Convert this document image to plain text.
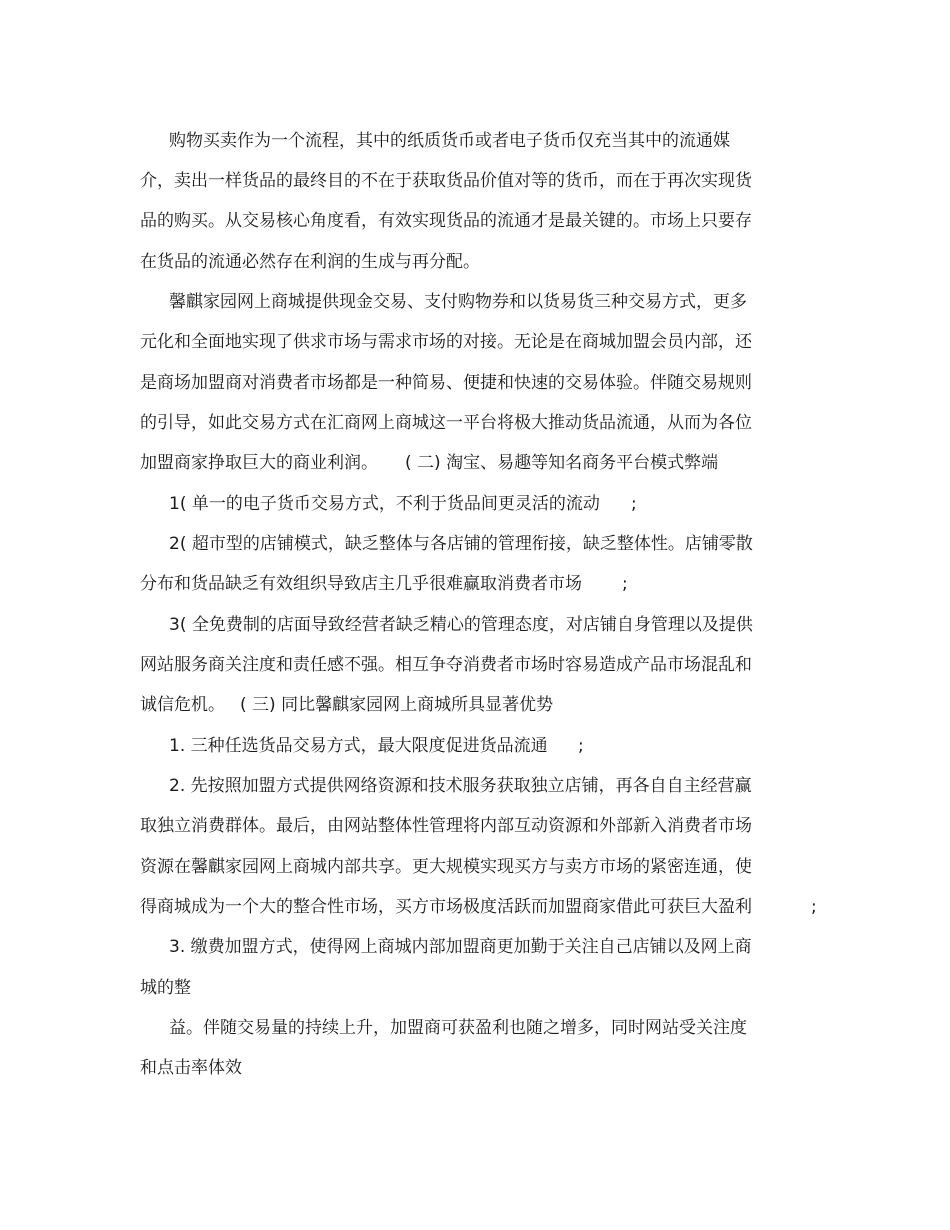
购物买卖作为一个流程，其中的纸质货币或者电子货币仅充当其中的流通媒
介，卖出一样货品的最终目的不在于获取货品价值对等的货币，而在于再次实现货
品的购买。从交易核心角度看，有效实现货品的流通才是最关键的。市场上只要存
在货品的流通必然存在利润的生成与再分配。
馨麒家园网上商城提供现金交易、支付购物券和以货易货三种交易方式，更多
元化和全面地实现了供求市场与需求市场的对接。无论是在商城加盟会员内部，还
是商场加盟商对消费者市场都是一种简易、便捷和快速的交易体验。伴随交易规则
的引导，如此交易方式在汇商网上商城这一平台将极大推动货品流通，从而为各位
加盟商家挣取巨大的商业利润。 ( 二) 淘宝、易趣等知名商务平台模式弊端
1( 单一的电子货币交易方式，不利于货品间更灵活的流动 ;
2( 超市型的店铺模式，缺乏整体与各店铺的管理衔接，缺乏整体性。店铺零散
分布和货品缺乏有效组织导致店主几乎很难赢取消费者市场 ;
3( 全免费制的店面导致经营者缺乏精心的管理态度，对店铺自身管理以及提供
网站服务商关注度和责任感不强。相互争夺消费者市场时容易造成产品市场混乱和
诚信危机。 ( 三) 同比馨麒家园网上商城所具显著优势
1. 三种任选货品交易方式，最大限度促进货品流通 ;
2. 先按照加盟方式提供网络资源和技术服务获取独立店铺，再各自自主经营赢
取独立消费群体。最后，由网站整体性管理将内部互动资源和外部新入消费者市场
资源在馨麒家园网上商城内部共享。更大规模实现买方与卖方市场的紧密连通，使
得商城成为一个大的整合性市场，买方市场极度活跃而加盟商家借此可获巨大盈利	;
3. 缴费加盟方式，使得网上商城内部加盟商更加勤于关注自己店铺以及网上商
城的整
益。伴随交易量的持续上升，加盟商可获盈利也随之增多，同时网站受关注度
和点击率体效
